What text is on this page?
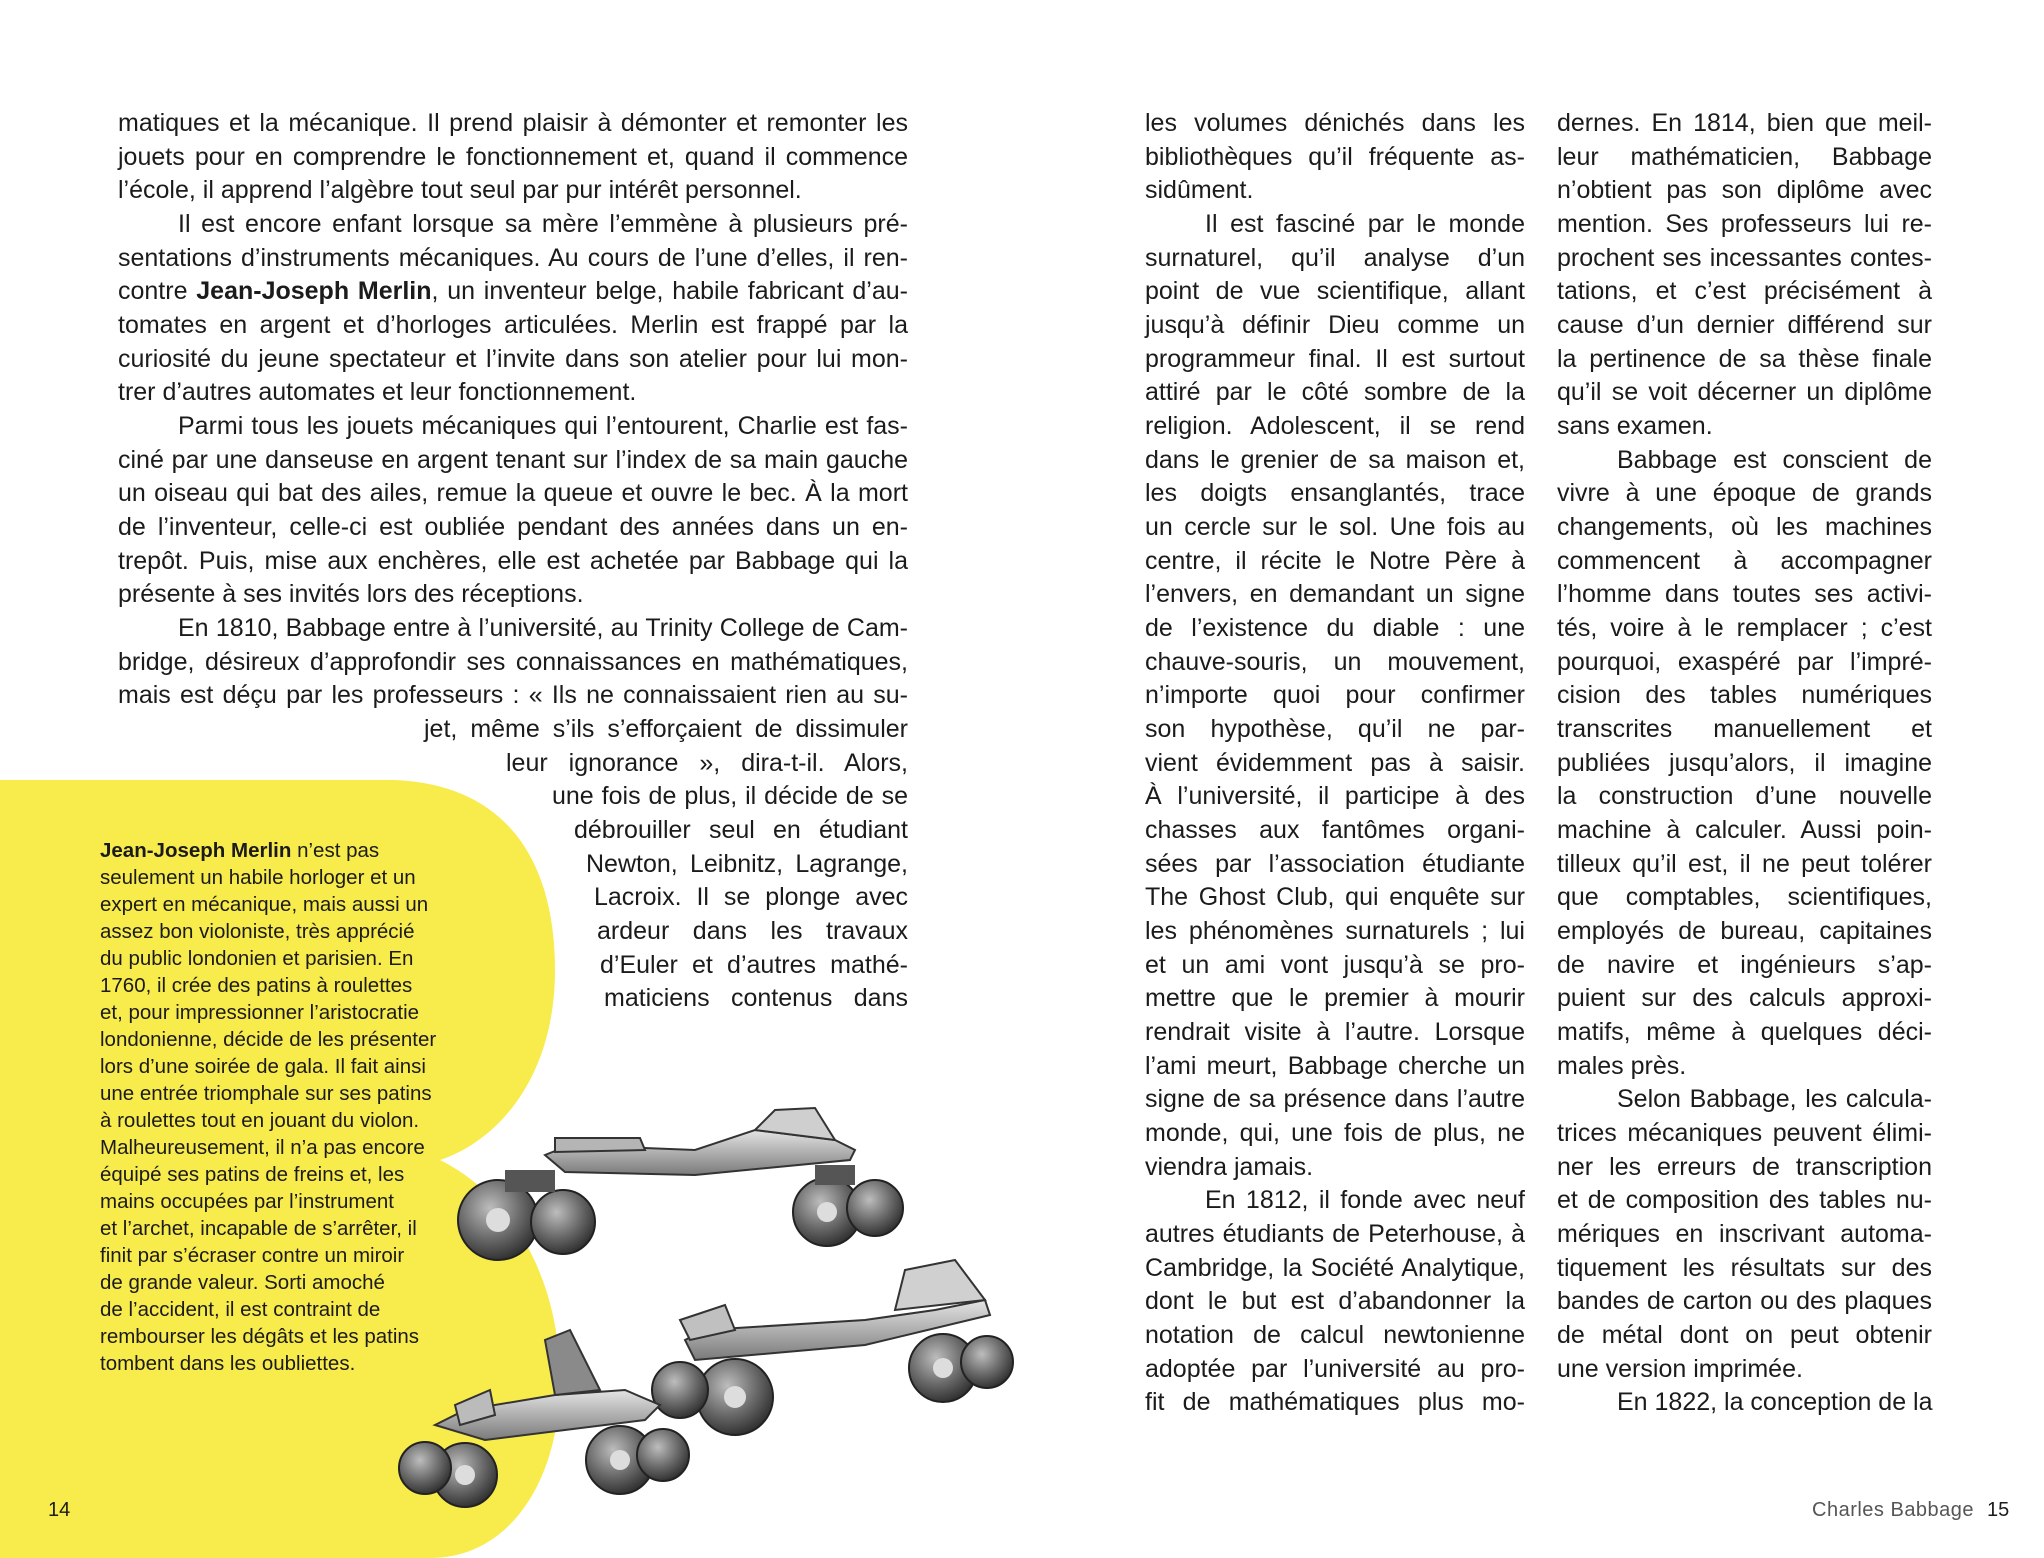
matiques et la mécanique. Il prend plaisir à démonter et remonter les
jouets pour en comprendre le fonctionnement et, quand il commence
l’école, il apprend l’algèbre tout seul par pur intérêt personnel.
Il est encore enfant lorsque sa mère l’emmène à plusieurs pré-
sentations d’instruments mécaniques. Au cours de l’une d’elles, il ren-
contre Jean-Joseph Merlin, un inventeur belge, habile fabricant d’au-
tomates en argent et d’horloges articulées. Merlin est frappé par la
curiosité du jeune spectateur et l’invite dans son atelier pour lui mon-
trer d’autres automates et leur fonctionnement.
Parmi tous les jouets mécaniques qui l’entourent, Charlie est fas-
ciné par une danseuse en argent tenant sur l’index de sa main gauche
un oiseau qui bat des ailes, remue la queue et ouvre le bec. À la mort
de l’inventeur, celle-ci est oubliée pendant des années dans un en-
trepôt. Puis, mise aux enchères, elle est achetée par Babbage qui la
présente à ses invités lors des réceptions.
En 1810, Babbage entre à l’université, au Trinity College de Cam-
bridge, désireux d’approfondir ses connaissances en mathématiques,
mais est déçu par les professeurs : « Ils ne connaissaient rien au su-
jet, même s’ils s’efforçaient de dissimuler
leur ignorance », dira-t-il. Alors,
une fois de plus, il décide de se
débrouiller seul en étudiant
Newton, Leibnitz, Lagrange,
Lacroix. Il se plonge avec
ardeur dans les travaux
d’Euler et d’autres mathé-
maticiens contenus dans
Jean-Joseph Merlin n’est pas
seulement un habile horloger et un
expert en mécanique, mais aussi un
assez bon violoniste, très apprécié
du public londonien et parisien. En
1760, il crée des patins à roulettes
et, pour impressionner l’aristocratie
londonienne, décide de les présenter
lors d’une soirée de gala. Il fait ainsi
une entrée triomphale sur ses patins
à roulettes tout en jouant du violon.
Malheureusement, il n’a pas encore
équipé ses patins de freins et, les
mains occupées par l’instrument
et l’archet, incapable de s’arrêter, il
finit par s’écraser contre un miroir
de grande valeur. Sorti amoché
de l’accident, il est contraint de
rembourser les dégâts et les patins
tombent dans les oubliettes.
14
les volumes dénichés dans les
bibliothèques qu’il fréquente as-
sidûment.
Il est fasciné par le monde
surnaturel, qu’il analyse d’un
point de vue scientifique, allant
jusqu’à définir Dieu comme un
programmeur final. Il est surtout
attiré par le côté sombre de la
religion. Adolescent, il se rend
dans le grenier de sa maison et,
les doigts ensanglantés, trace
un cercle sur le sol. Une fois au
centre, il récite le Notre Père à
l’envers, en demandant un signe
de l’existence du diable : une
chauve-souris, un mouvement,
n’importe quoi pour confirmer
son hypothèse, qu’il ne par-
vient évidemment pas à saisir.
À l’université, il participe à des
chasses aux fantômes organi-
sées par l’association étudiante
The Ghost Club, qui enquête sur
les phénomènes surnaturels ; lui
et un ami vont jusqu’à se pro-
mettre que le premier à mourir
rendrait visite à l’autre. Lorsque
l’ami meurt, Babbage cherche un
signe de sa présence dans l’autre
monde, qui, une fois de plus, ne
viendra jamais.
En 1812, il fonde avec neuf
autres étudiants de Peterhouse, à
Cambridge, la Société Analytique,
dont le but est d’abandonner la
notation de calcul newtonienne
adoptée par l’université au pro-
fit de mathématiques plus mo-
dernes. En 1814, bien que meil-
leur mathématicien, Babbage
n’obtient pas son diplôme avec
mention. Ses professeurs lui re-
prochent ses incessantes contes-
tations, et c’est précisément à
cause d’un dernier différend sur
la pertinence de sa thèse finale
qu’il se voit décerner un diplôme
sans examen.
Babbage est conscient de
vivre à une époque de grands
changements, où les machines
commencent à accompagner
l’homme dans toutes ses activi-
tés, voire à le remplacer ; c’est
pourquoi, exaspéré par l’impré-
cision des tables numériques
transcrites manuellement et
publiées jusqu’alors, il imagine
la construction d’une nouvelle
machine à calculer. Aussi poin-
tilleux qu’il est, il ne peut tolérer
que comptables, scientifiques,
employés de bureau, capitaines
de navire et ingénieurs s’ap-
puient sur des calculs approxi-
matifs, même à quelques déci-
males près.
Selon Babbage, les calcula-
trices mécaniques peuvent élimi-
ner les erreurs de transcription
et de composition des tables nu-
mériques en inscrivant automa-
tiquement les résultats sur des
bandes de carton ou des plaques
de métal dont on peut obtenir
une version imprimée.
En 1822, la conception de la
Charles Babbage 15
